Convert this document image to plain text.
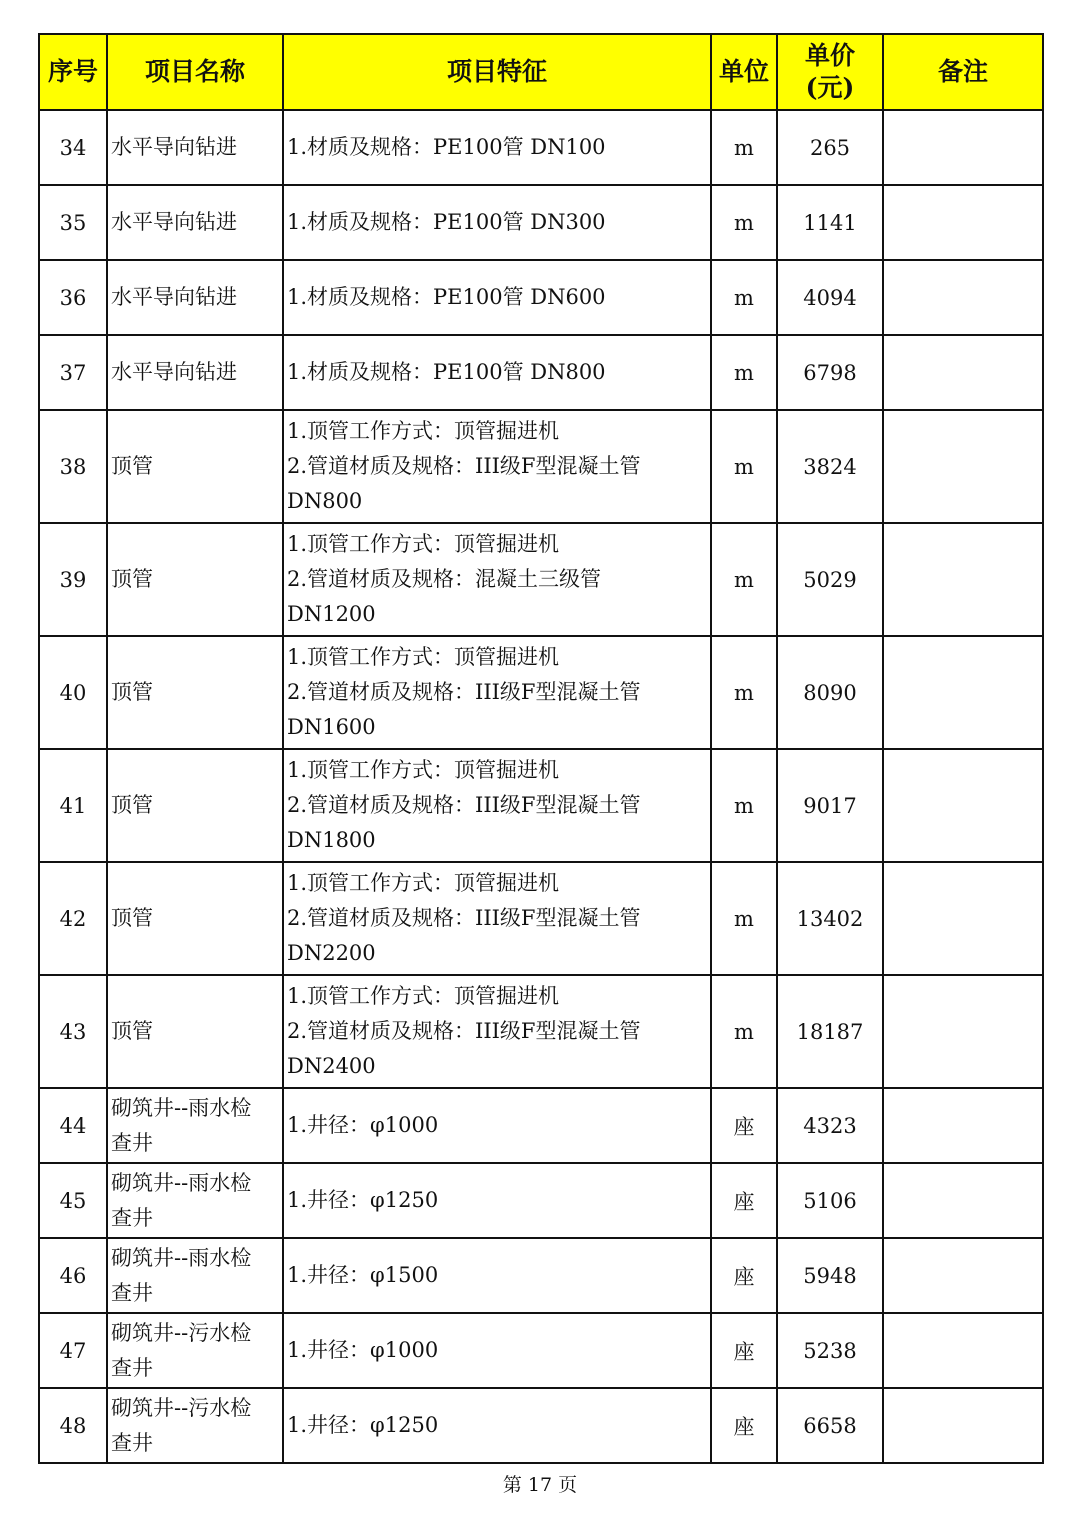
序号	项目名称	项目特征	单位	单价
(元)	备注
34	水平导向钻进	1.材质及规格：PE100管 DN100	m	265	
35	水平导向钻进	1.材质及规格：PE100管 DN300	m	1141	
36	水平导向钻进	1.材质及规格：PE100管 DN600	m	4094	
37	水平导向钻进	1.材质及规格：PE100管 DN800	m	6798	
38	顶管	1.顶管工作方式：顶管掘进机
2.管道材质及规格：III级F型混凝土管
DN800	m	3824	
39	顶管	1.顶管工作方式：顶管掘进机
2.管道材质及规格：混凝土三级管
DN1200	m	5029	
40	顶管	1.顶管工作方式：顶管掘进机
2.管道材质及规格：III级F型混凝土管
DN1600	m	8090	
41	顶管	1.顶管工作方式：顶管掘进机
2.管道材质及规格：III级F型混凝土管
DN1800	m	9017	
42	顶管	1.顶管工作方式：顶管掘进机
2.管道材质及规格：III级F型混凝土管
DN2200	m	13402	
43	顶管	1.顶管工作方式：顶管掘进机
2.管道材质及规格：III级F型混凝土管
DN2400	m	18187	
44	砌筑井--雨水检
查井	1.井径：φ1000	座	4323	
45	砌筑井--雨水检
查井	1.井径：φ1250	座	5106	
46	砌筑井--雨水检
查井	1.井径：φ1500	座	5948	
47	砌筑井--污水检
查井	1.井径：φ1000	座	5238	
48	砌筑井--污水检
查井	1.井径：φ1250	座	6658	
第 17 页
